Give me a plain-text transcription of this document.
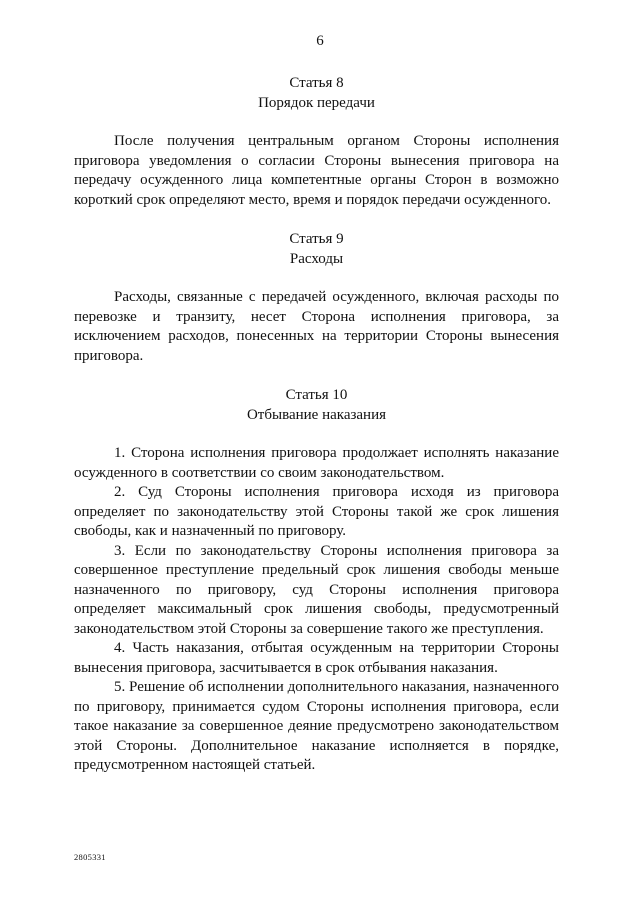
6
Статья 8
Порядок передачи

После получения центральным органом Стороны исполнения приговора уведомления о согласии Стороны вынесения приговора на передачу осужденного лица компетентные органы Сторон в возможно короткий срок определяют место, время и порядок передачи осужденного.

Статья 9
Расходы

Расходы, связанные с передачей осужденного, включая расходы по перевозке и транзиту, несет Сторона исполнения приговора, за исключением расходов, понесенных на территории Стороны вынесения приговора.

Статья 10
Отбывание наказания

1. Сторона исполнения приговора продолжает исполнять наказание осужденного в соответствии со своим законодательством.

2. Суд Стороны исполнения приговора исходя из приговора определяет по законодательству этой Стороны такой же срок лишения свободы, как и назначенный по приговору.

3. Если по законодательству Стороны исполнения приговора за совершенное преступление предельный срок лишения свободы меньше назначенного по приговору, суд Стороны исполнения приговора определяет максимальный срок лишения свободы, предусмотренный законодательством этой Стороны за совершение такого же преступления.

4. Часть наказания, отбытая осужденным на территории Стороны вынесения приговора, засчитывается в срок отбывания наказания.

5. Решение об исполнении дополнительного наказания, назначенного по приговору, принимается судом Стороны исполнения приговора, если такое наказание за совершенное деяние предусмотрено законодательством этой Стороны. Дополнительное наказание исполняется в порядке, предусмотренном настоящей статьей.

2805331
